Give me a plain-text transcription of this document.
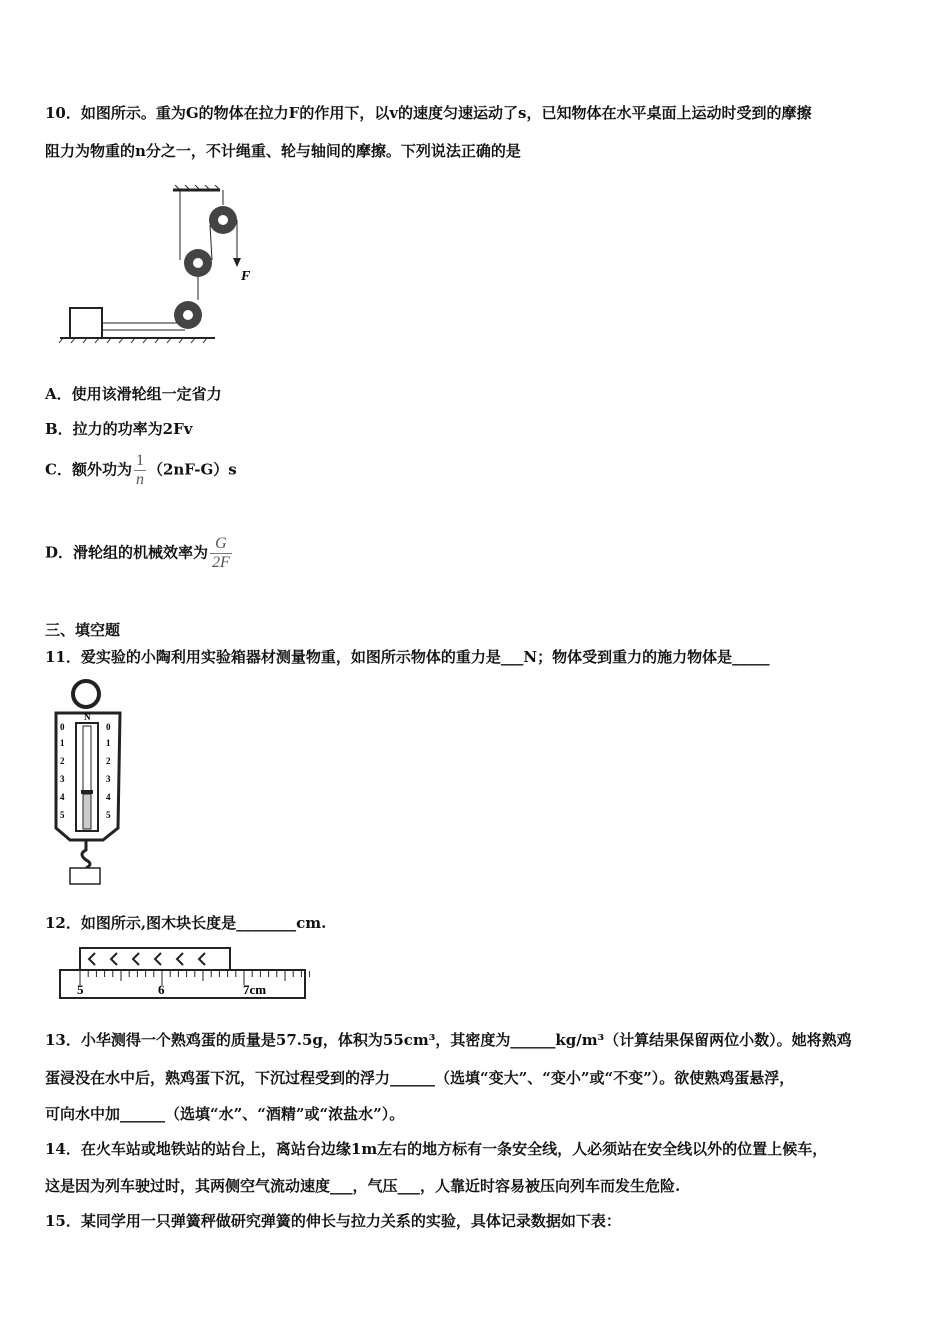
10．如图所示。重为G的物体在拉力F的作用下，以v的速度匀速运动了s，已知物体在水平桌面上运动时受到的摩擦
阻力为物重的n分之一，不计绳重、轮与轴间的摩擦。下列说法正确的是
F
A．使用该滑轮组一定省力
B．拉力的功率为2Fv
C．额外功为 $\frac{1}{n} (2nF-G)s$
D．滑轮组的机械效率为 $\frac{G}{2F}$
三、填空题
11．爱实验的小陶利用实验箱器材测量物重，如图所示物体的重力是___N；物体受到重力的施力物体是_____
N
0
1
2
3
4
5
0
1
2
3
4
5
12．如图所示,图木块长度是________cm.
5	6	7cm
13．小华测得一个熟鸡蛋的质量是57.5g，体积为55cm³，其密度为______kg/m³（计算结果保留两位小数）。她将熟鸡
蛋浸没在水中后，熟鸡蛋下沉，下沉过程受到的浮力______（选填“变大”、“变小”或“不变”）。欲使熟鸡蛋悬浮，
可向水中加______（选填“水”、“酒精”或“浓盐水”）。
14．在火车站或地铁站的站台上，离站台边缘1m左右的地方标有一条安全线，人必须站在安全线以外的位置上候车，
这是因为列车驶过时，其两侧空气流动速度___，气压___，人靠近时容易被压向列车而发生危险.
15．某同学用一只弹簧秤做研究弹簧的伸长与拉力关系的实验，具体记录数据如下表：
